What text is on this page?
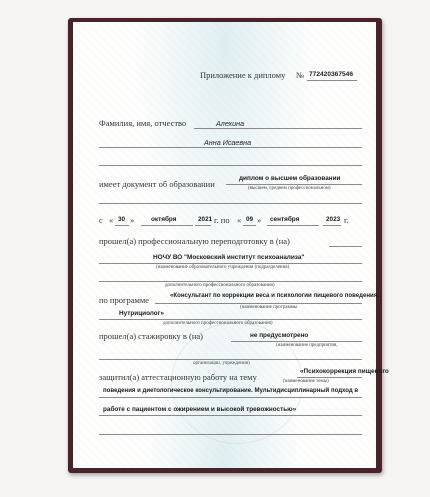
Приложение к диплому № 772420367546
Фамилия, имя, отчество	Алехина
Анна Исаевна
имеет документ об образовании
диплом о высшем образовании
(высшем, среднем профессиональном)
с « 30 »	октября	2021 г. по « 09 » сентября	2023 г.
прошел(а) профессиональную переподготовку в (на)
НОЧУ ВО "Московский институт психоанализа"
(наименование образовательного учреждения (подразделения)
дополнительного профессионального образования)
по программе	«Консультант по коррекции веса и психологии пищевого поведения.
(наименование программы
Нутрициолог»
дополнительного профессионального образования)
прошел(а) стажировку в (на)	не предусмотрено
(наименование предприятия,
организации, учреждения)
защитил(а) аттестационную работу на тему
«Психокоррекция пищевого
(наименование темы)
поведения и диетологическое консультирование. Мультидисциплинарный подход в
работе с пациентом с ожирением и высокой тревожностью»
